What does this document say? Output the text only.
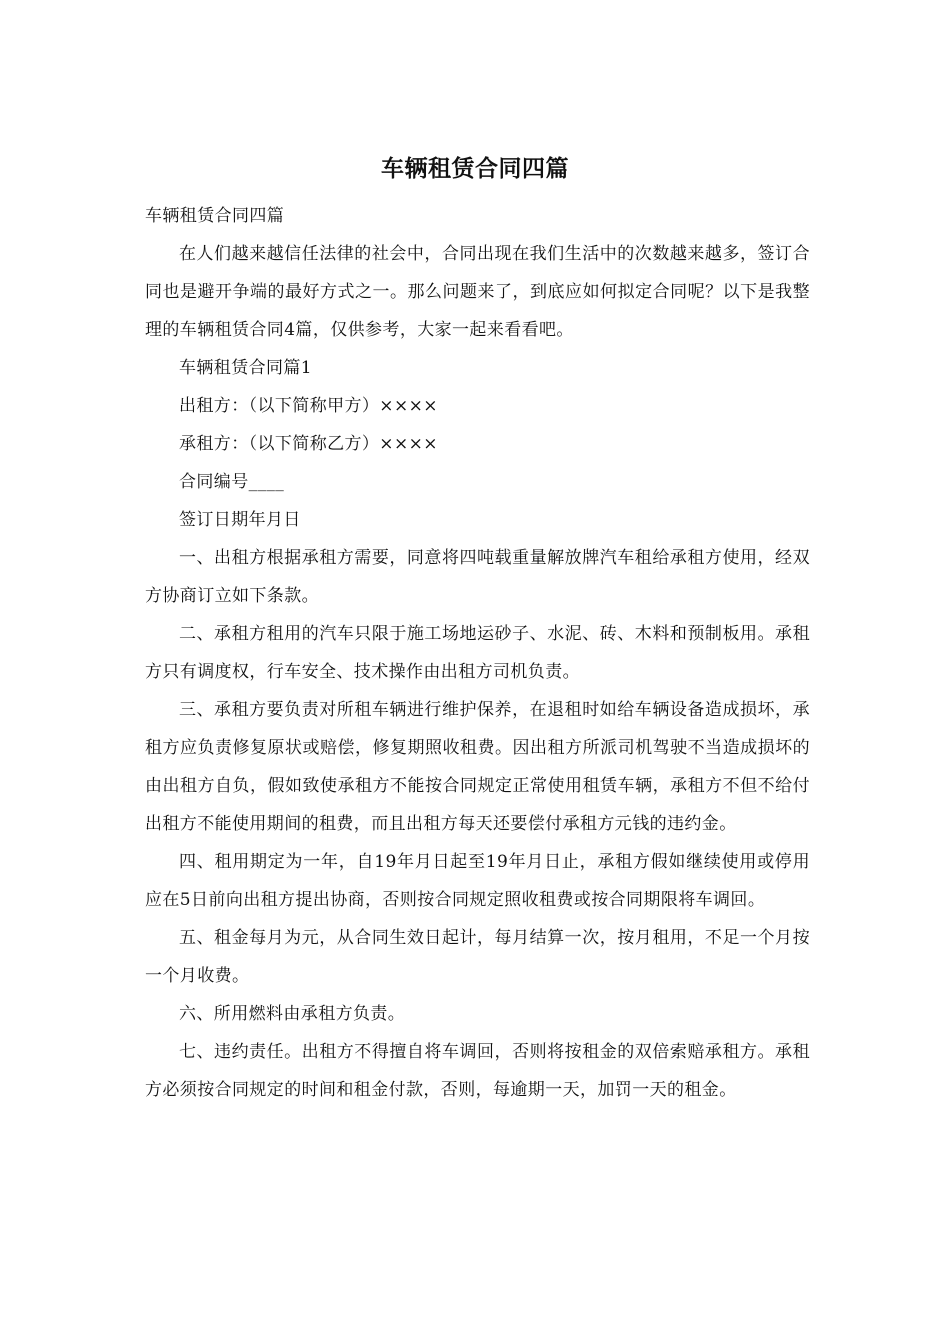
车辆租赁合同四篇

车辆租赁合同四篇

在人们越来越信任法律的社会中，合同出现在我们生活中的次数越来越多，签订合同也是避开争端的最好方式之一。那么问题来了，到底应如何拟定合同呢？以下是我整理的车辆租赁合同4篇，仅供参考，大家一起来看看吧。

车辆租赁合同篇1

出租方：（以下简称甲方）××××

承租方：（以下简称乙方）××××

合同编号____

签订日期年月日

一、出租方根据承租方需要，同意将四吨载重量解放牌汽车租给承租方使用，经双方协商订立如下条款。

二、承租方租用的汽车只限于施工场地运砂子、水泥、砖、木料和预制板用。承租方只有调度权，行车安全、技术操作由出租方司机负责。

三、承租方要负责对所租车辆进行维护保养，在退租时如给车辆设备造成损坏，承租方应负责修复原状或赔偿，修复期照收租费。因出租方所派司机驾驶不当造成损坏的由出租方自负，假如致使承租方不能按合同规定正常使用租赁车辆，承租方不但不给付出租方不能使用期间的租费，而且出租方每天还要偿付承租方元钱的违约金。

四、租用期定为一年，自19年月日起至19年月日止，承租方假如继续使用或停用应在5日前向出租方提出协商，否则按合同规定照收租费或按合同期限将车调回。

五、租金每月为元，从合同生效日起计，每月结算一次，按月租用，不足一个月按一个月收费。

六、所用燃料由承租方负责。

七、违约责任。出租方不得擅自将车调回，否则将按租金的双倍索赔承租方。承租方必须按合同规定的时间和租金付款，否则，每逾期一天，加罚一天的租金。
